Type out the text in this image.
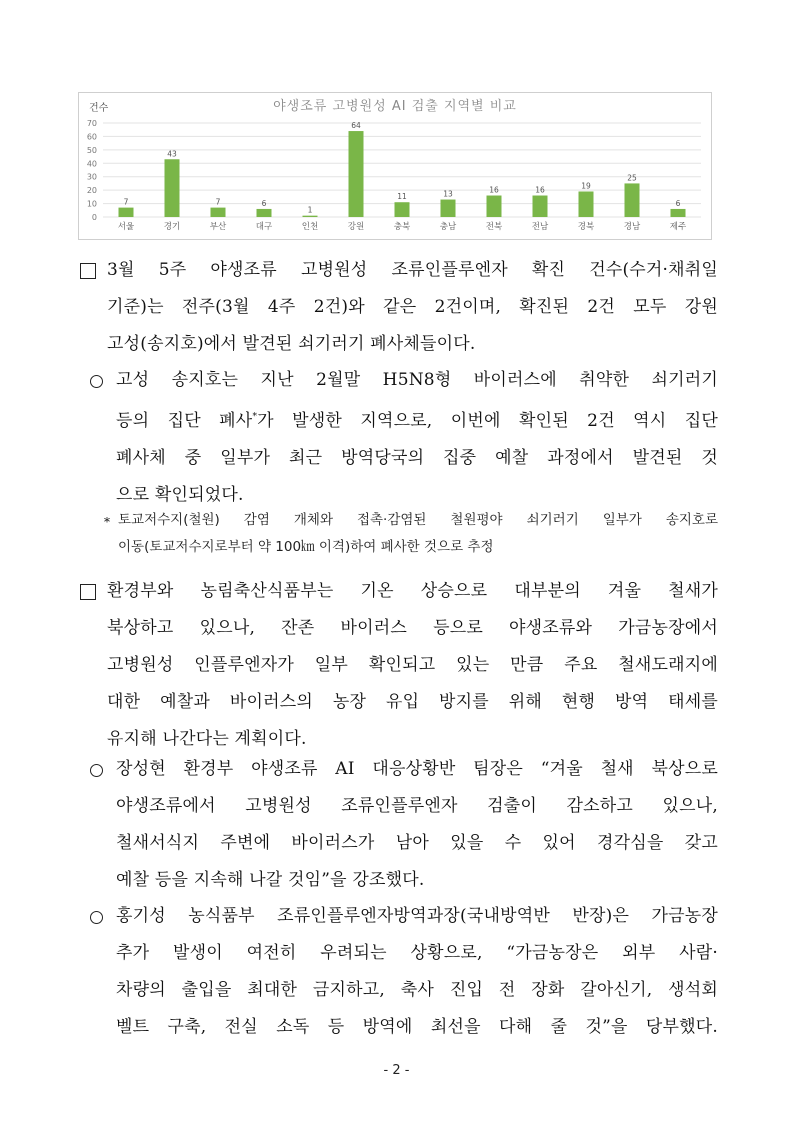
야생조류 고병원성 AI 검출 지역별 비교
건수
0
10
20
30
40
50
60
70
7
서울
43
경기
7
부산
6
대구
1
인천
64
강원
11
충북
13
충남
16
전북
16
전남
19
경북
25
경남
6
제주
3월 5주 야생조류 고병원성 조류인플루엔자 확진 건수(수거·채취일
기준)는 전주(3월 4주 2건)와 같은 2건이며, 확진된 2건 모두 강원
고성(송지호)에서 발견된 쇠기러기 폐사체들이다.
고성 송지호는 지난 2월말 H5N8형 바이러스에 취약한 쇠기러기
등의 집단 폐사*가 발생한 지역으로, 이번에 확인된 2건 역시 집단
폐사체 중 일부가 최근 방역당국의 집중 예찰 과정에서 발견된 것
으로 확인되었다.
* 토교저수지(철원) 감염 개체와 접촉·감염된 철원평야 쇠기러기 일부가 송지호로
이동(토교저수지로부터 약 100㎞ 이격)하여 폐사한 것으로 추정
환경부와 농림축산식품부는 기온 상승으로 대부분의 겨울 철새가
북상하고 있으나, 잔존 바이러스 등으로 야생조류와 가금농장에서
고병원성 인플루엔자가 일부 확인되고 있는 만큼 주요 철새도래지에
대한 예찰과 바이러스의 농장 유입 방지를 위해 현행 방역 태세를
유지해 나간다는 계획이다.
장성현 환경부 야생조류 AI 대응상황반 팀장은 “겨울 철새 북상으로
야생조류에서 고병원성 조류인플루엔자 검출이 감소하고 있으나,
철새서식지 주변에 바이러스가 남아 있을 수 있어 경각심을 갖고
예찰 등을 지속해 나갈 것임”을 강조했다.
홍기성 농식품부 조류인플루엔자방역과장(국내방역반 반장)은 가금농장
추가 발생이 여전히 우려되는 상황으로, “가금농장은 외부 사람·
차량의 출입을 최대한 금지하고, 축사 진입 전 장화 갈아신기, 생석회
벨트 구축, 전실 소독 등 방역에 최선을 다해 줄 것”을 당부했다.
- 2 -
